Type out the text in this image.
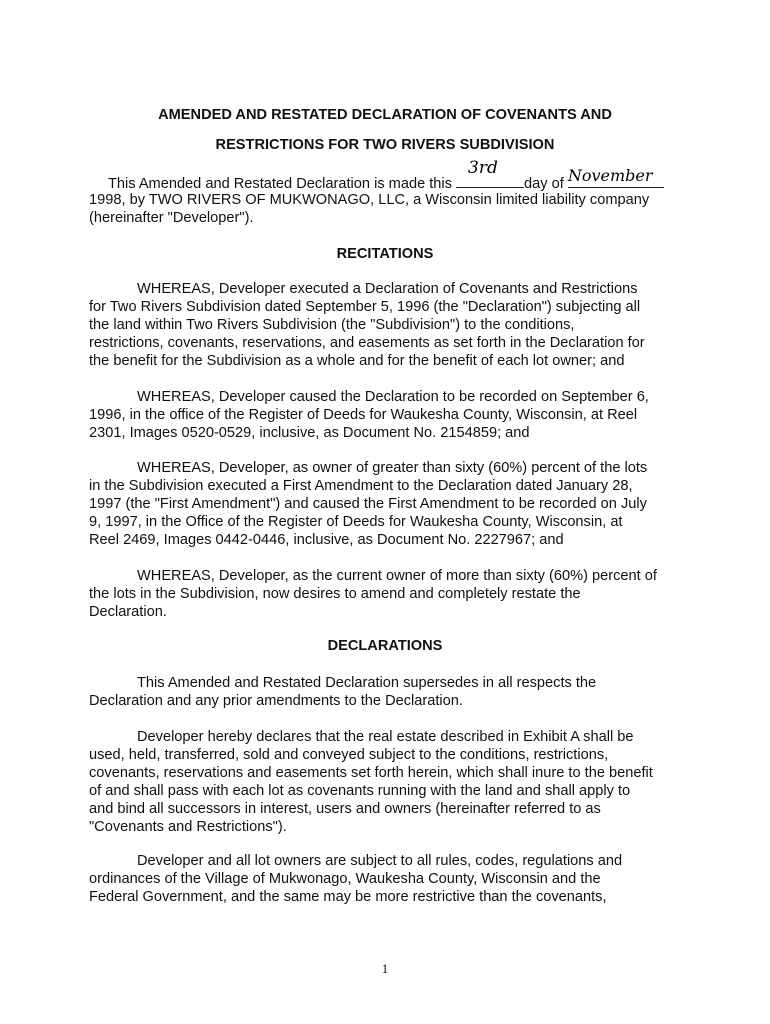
AMENDED AND RESTATED DECLARATION OF COVENANTS AND
RESTRICTIONS FOR TWO RIVERS SUBDIVISION
This Amended and Restated Declaration is made this
3rd
day of November
1998, by TWO RIVERS OF MUKWONAGO, LLC, a Wisconsin limited liability company
(hereinafter "Developer").
RECITATIONS
WHEREAS, Developer executed a Declaration of Covenants and Restrictions
for Two Rivers Subdivision dated September 5, 1996 (the "Declaration") subjecting all
the land within Two Rivers Subdivision (the "Subdivision") to the conditions,
restrictions, covenants, reservations, and easements as set forth in the Declaration for
the benefit for the Subdivision as a whole and for the benefit of each lot owner; and
WHEREAS, Developer caused the Declaration to be recorded on September 6,
1996, in the office of the Register of Deeds for Waukesha County, Wisconsin, at Reel
2301, Images 0520-0529, inclusive, as Document No. 2154859; and
WHEREAS, Developer, as owner of greater than sixty (60%) percent of the lots
in the Subdivision executed a First Amendment to the Declaration dated January 28,
1997 (the "First Amendment") and caused the First Amendment to be recorded on July
9, 1997, in the Office of the Register of Deeds for Waukesha County, Wisconsin, at
Reel 2469, Images 0442-0446, inclusive, as Document No. 2227967; and
WHEREAS, Developer, as the current owner of more than sixty (60%) percent of
the lots in the Subdivision, now desires to amend and completely restate the
Declaration.
DECLARATIONS
This Amended and Restated Declaration supersedes in all respects the
Declaration and any prior amendments to the Declaration.
Developer hereby declares that the real estate described in Exhibit A shall be
used, held, transferred, sold and conveyed subject to the conditions, restrictions,
covenants, reservations and easements set forth herein, which shall inure to the benefit
of and shall pass with each lot as covenants running with the land and shall apply to
and bind all successors in interest, users and owners (hereinafter referred to as
"Covenants and Restrictions").
Developer and all lot owners are subject to all rules, codes, regulations and
ordinances of the Village of Mukwonago, Waukesha County, Wisconsin and the
Federal Government, and the same may be more restrictive than the covenants,
1
